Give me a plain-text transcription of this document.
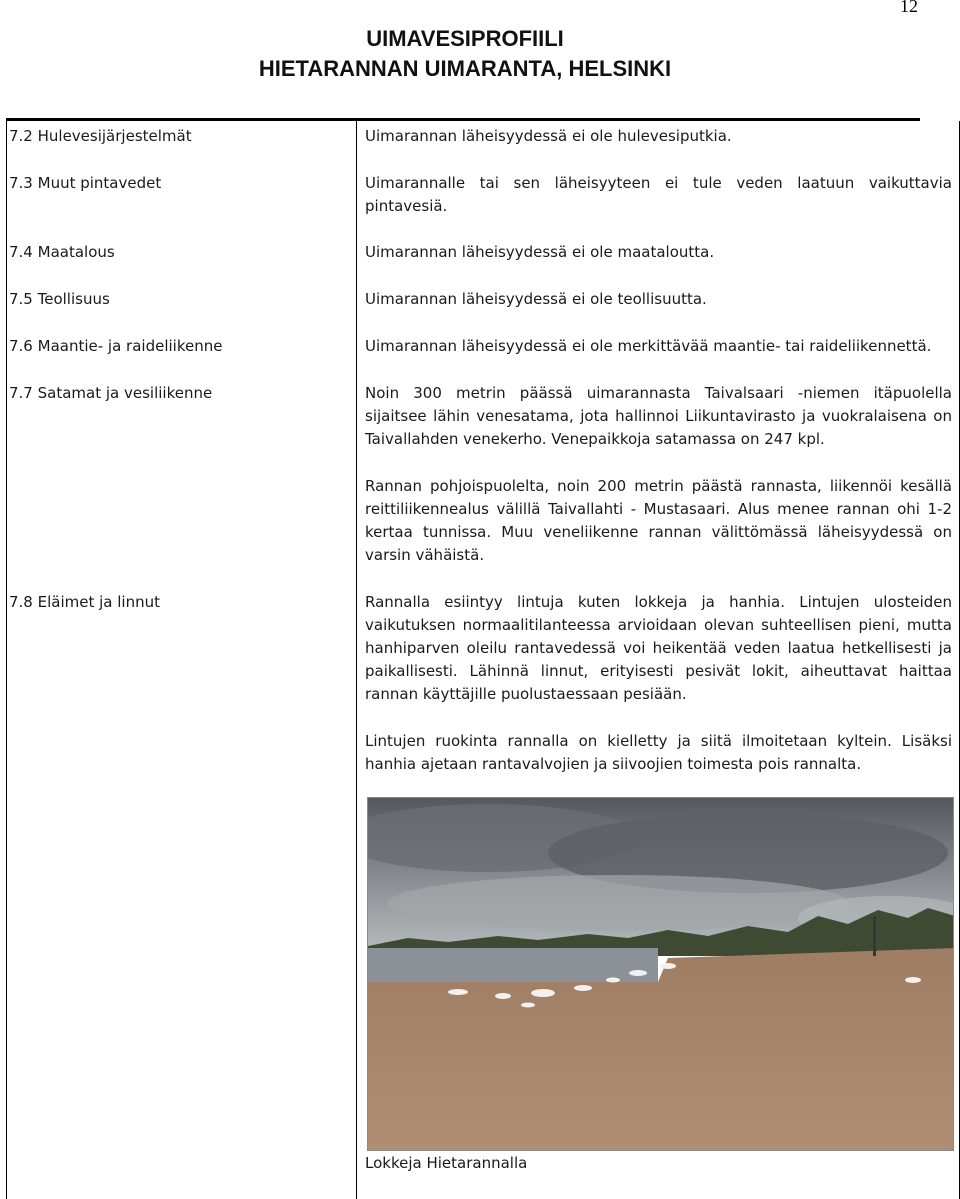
12
UIMAVESIPROFIILI
HIETARANNAN UIMARANTA, HELSINKI
7.2 Hulevesijärjestelmät	Uimarannan läheisyydessä ei ole hulevesiputkia.

7.3 Muut pintavedet	Uimarannalle tai sen läheisyyteen ei tule veden laatuun vaikuttavia pintavesiä.

7.4 Maatalous	Uimarannan läheisyydessä ei ole maataloutta.

7.5 Teollisuus	Uimarannan läheisyydessä ei ole teollisuutta.

7.6 Maantie- ja raideliikenne	Uimarannan läheisyydessä ei ole merkittävää maantie- tai raideliikennettä.

7.7 Satamat ja vesiliikenne	Noin 300 metrin päässä uimarannasta Taivalsaari -niemen itäpuolella sijaitsee lähin venesatama, jota hallinnoi Liikuntavirasto ja vuokralaisena on Taivallahden venekerho. Venepaikkoja satamassa on 247 kpl.

Rannan pohjoispuolelta, noin 200 metrin päästä rannasta, liikennöi kesällä reittiliikennealus välillä Taivallahti - Mustasaari. Alus menee rannan ohi 1-2 kertaa tunnissa. Muu veneliikenne rannan välittömässä läheisyydessä on varsin vähäistä.

7.8 Eläimet ja linnut	Rannalla esiintyy lintuja kuten lokkeja ja hanhia. Lintujen ulosteiden vaikutuksen normaalitilanteessa arvioidaan olevan suhteellisen pieni, mutta hanhiparven oleilu rantavedessä voi heikentää veden laatua hetkellisesti ja paikallisesti. Lähinnä linnut, erityisesti pesivät lokit, aiheuttavat haittaa rannan käyttäjille puolustaessaan pesiään.

Lintujen ruokinta rannalla on kielletty ja siitä ilmoitetaan kyltein. Lisäksi hanhia ajetaan rantavalvojien ja siivoojien toimesta pois rannalta.

Lokkeja Hietarannalla
